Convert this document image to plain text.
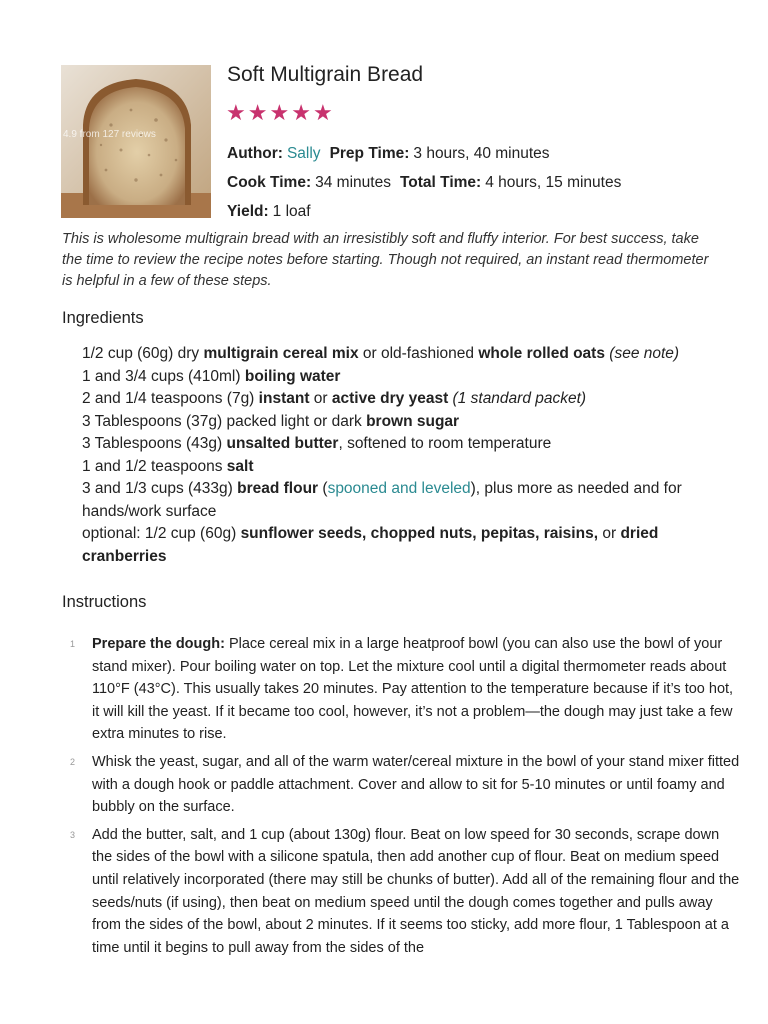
4.9 from 127 reviews
Soft Multigrain Bread
★ ★ ★ ★ ★
Author: Sally Prep Time: 3 hours, 40 minutes
Cook Time: 34 minutes Total Time: 4 hours, 15 minutes
Yield: 1 loaf

This is wholesome multigrain bread with an irresistibly soft and fluffy interior. For best success, take the time to review the recipe notes before starting. Though not required, an instant read thermometer is helpful in a few of these steps.

Ingredients
1/2 cup (60g) dry multigrain cereal mix or old-fashioned whole rolled oats (see note)
1 and 3/4 cups (410ml) boiling water
2 and 1/4 teaspoons (7g) instant or active dry yeast (1 standard packet)
3 Tablespoons (37g) packed light or dark brown sugar
3 Tablespoons (43g) unsalted butter, softened to room temperature
1 and 1/2 teaspoons salt
3 and 1/3 cups (433g) bread flour (spooned and leveled), plus more as needed and for hands/work surface
optional: 1/2 cup (60g) sunflower seeds, chopped nuts, pepitas, raisins, or dried cranberries
Instructions
1	Prepare the dough: Place cereal mix in a large heatproof bowl (you can also use the bowl of your stand mixer). Pour boiling water on top. Let the mixture cool until a digital thermometer reads about 110°F (43°C). This usually takes 20 minutes. Pay attention to the temperature because if it’s too hot, it will kill the yeast. If it became too cool, however, it’s not a problem—the dough may just take a few extra minutes to rise.
2	Whisk the yeast, sugar, and all of the warm water/cereal mixture in the bowl of your stand mixer fitted with a dough hook or paddle attachment. Cover and allow to sit for 5-10 minutes or until foamy and bubbly on the surface.
3	Add the butter, salt, and 1 cup (about 130g) flour. Beat on low speed for 30 seconds, scrape down the sides of the bowl with a silicone spatula, then add another cup of flour. Beat on medium speed until relatively incorporated (there may still be chunks of butter). Add all of the remaining flour and the seeds/nuts (if using), then beat on medium speed until the dough comes together and pulls away from the sides of the bowl, about 2 minutes. If it seems too sticky, add more flour, 1 Tablespoon at a time until it begins to pull away from the sides of the
